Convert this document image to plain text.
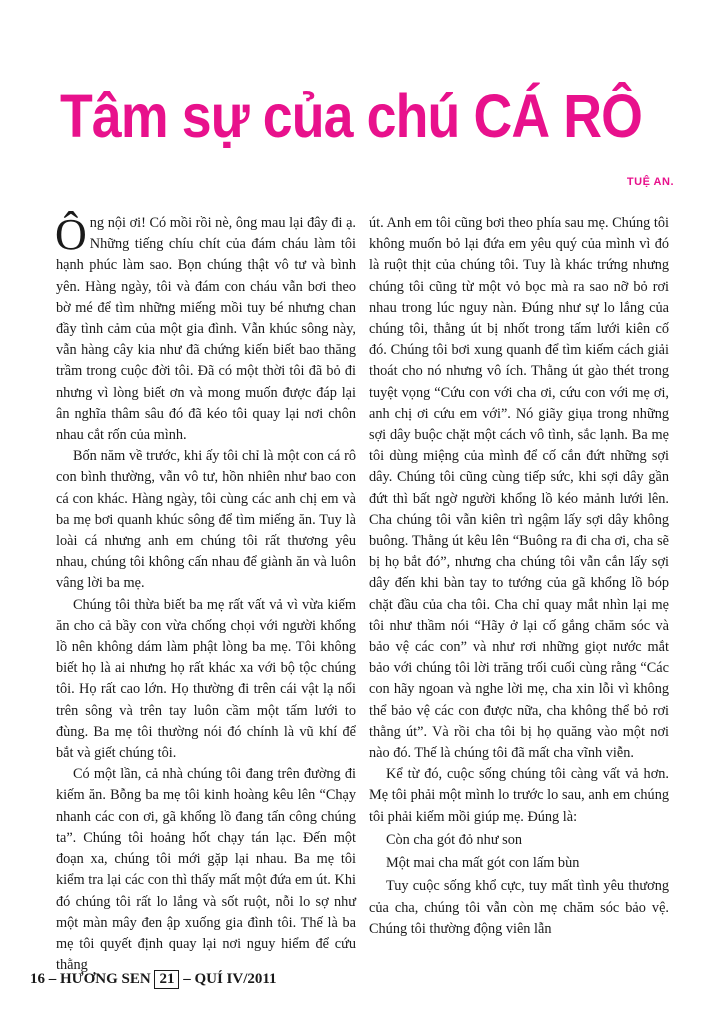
Tâm sự của chú CÁ RÔ
TUỆ AN.

Ông nội ơi! Có mồi rồi nè, ông mau lại đây đi ạ. Những tiếng chíu chít của đám cháu làm tôi hạnh phúc làm sao. Bọn chúng thật vô tư và bình yên. Hàng ngày, tôi và đám con cháu vẫn bơi theo bờ mé để tìm những miếng mồi tuy bé nhưng chan đầy tình cảm của một gia đình. Vẫn khúc sông này, vẫn hàng cây kia như đã chứng kiến biết bao thăng trầm trong cuộc đời tôi. Đã có một thời tôi đã bỏ đi nhưng vì lòng biết ơn và mong muốn được đáp lại ân nghĩa thâm sâu đó đã kéo tôi quay lại nơi chôn nhau cắt rốn của mình.

Bốn năm về trước, khi ấy tôi chỉ là một con cá rô con bình thường, vẫn vô tư, hồn nhiên như bao con cá con khác. Hàng ngày, tôi cùng các anh chị em và ba mẹ bơi quanh khúc sông để tìm miếng ăn. Tuy là loài cá nhưng anh em chúng tôi rất thương yêu nhau, chúng tôi không cấn nhau để giành ăn và luôn vâng lời ba mẹ.

Chúng tôi thừa biết ba mẹ rất vất vả vì vừa kiếm ăn cho cả bầy con vừa chống chọi với người khổng lồ nên không dám làm phật lòng ba mẹ. Tôi không biết họ là ai nhưng họ rất khác xa với bộ tộc chúng tôi. Họ rất cao lớn. Họ thường đi trên cái vật lạ nổi trên sông và trên tay luôn cầm một tấm lưới to đùng. Ba mẹ tôi thường nói đó chính là vũ khí để bắt và giết chúng tôi.

Có một lần, cả nhà chúng tôi đang trên đường đi kiếm ăn. Bỗng ba mẹ tôi kinh hoàng kêu lên “Chạy nhanh các con ơi, gã khổng lồ đang tấn công chúng ta”. Chúng tôi hoảng hốt chạy tán lạc. Đến một đoạn xa, chúng tôi mới gặp lại nhau. Ba mẹ tôi kiểm tra lại các con thì thấy mất một đứa em út. Khi đó chúng tôi rất lo lắng và sốt ruột, nỗi lo sợ như một màn mây đen ập xuống gia đình tôi. Thế là ba mẹ tôi quyết định quay lại nơi nguy hiểm để cứu thằng

út. Anh em tôi cũng bơi theo phía sau mẹ. Chúng tôi không muốn bỏ lại đứa em yêu quý của mình vì đó là ruột thịt của chúng tôi. Tuy là khác trứng nhưng chúng tôi cũng từ một vỏ bọc mà ra sao nỡ bỏ rơi nhau trong lúc nguy nàn. Đúng như sự lo lắng của chúng tôi, thằng út bị nhốt trong tấm lưới kiên cố đó. Chúng tôi bơi xung quanh để tìm kiếm cách giải thoát cho nó nhưng vô ích. Thằng út gào thét trong tuyệt vọng “Cứu con với cha ơi, cứu con với mẹ ơi, anh chị ơi cứu em với”. Nó giãy giụa trong những sợi dây buộc chặt một cách vô tình, sắc lạnh. Ba mẹ tôi dùng miệng của mình để cố cắn đứt những sợi dây. Chúng tôi cũng cùng tiếp sức, khi sợi dây gần đứt thì bất ngờ người khổng lồ kéo mảnh lưới lên. Cha chúng tôi vẫn kiên trì ngậm lấy sợi dây không buông. Thằng út kêu lên “Buông ra đi cha ơi, cha sẽ bị họ bắt đó”, nhưng cha chúng tôi vẫn cắn lấy sợi dây đến khi bàn tay to tướng của gã khổng lồ bóp chặt đầu của cha tôi. Cha chỉ quay mắt nhìn lại mẹ tôi như thầm nói “Hãy ở lại cố gắng chăm sóc và bảo vệ các con” và như rơi những giọt nước mắt bảo với chúng tôi lời trăng trối cuối cùng rằng “Các con hãy ngoan và nghe lời mẹ, cha xin lỗi vì không thể bảo vệ các con được nữa, cha không thể bỏ rơi thằng út”. Và rồi cha tôi bị họ quăng vào một nơi nào đó. Thế là chúng tôi đã mất cha vĩnh viễn.

Kể từ đó, cuộc sống chúng tôi càng vất vả hơn. Mẹ tôi phải một mình lo trước lo sau, anh em chúng tôi phải kiếm mồi giúp mẹ. Đúng là:

Còn cha gót đỏ như son

Một mai cha mất gót con lấm bùn

Tuy cuộc sống khổ cực, tuy mất tình yêu thương của cha, chúng tôi vẫn còn mẹ chăm sóc bảo vệ. Chúng tôi thường động viên lẫn

16 – HƯƠNG SEN 21 – QUÍ IV/2011
